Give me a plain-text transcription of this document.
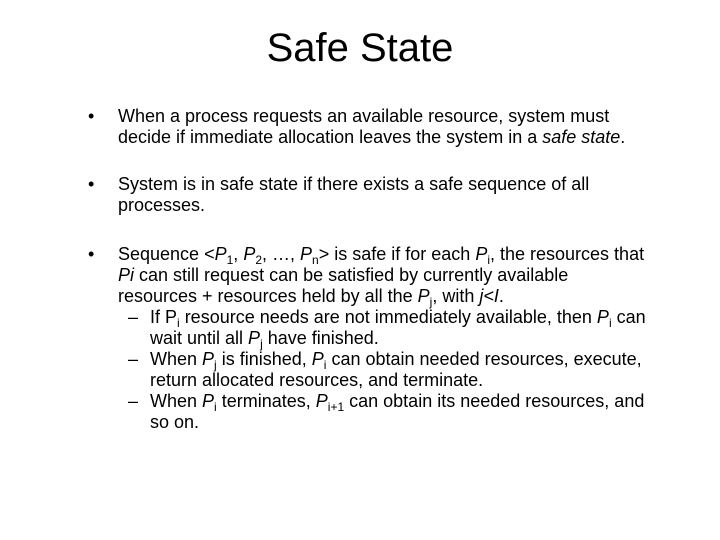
Safe State
•	When a process requests an available resource, system must decide if immediate allocation leaves the system in a safe state.
•	System is in safe state if there exists a safe sequence of all processes.
•	Sequence $<P_1$, $P_2$, …, $P_n>$ is safe if for each $P_i$, the resources that Pi can still request can be satisfied by currently available resources + resources held by all the $P_j$, with j<I.
– If $P_i$ resource needs are not immediately available, then $P_i$ can wait until all $P_j$ have finished.
– When $P_j$ is finished, $P_i$ can obtain needed resources, execute, return allocated resources, and terminate.
– When $P_i$ terminates, $P_{i+1}$ can obtain its needed resources, and so on.
